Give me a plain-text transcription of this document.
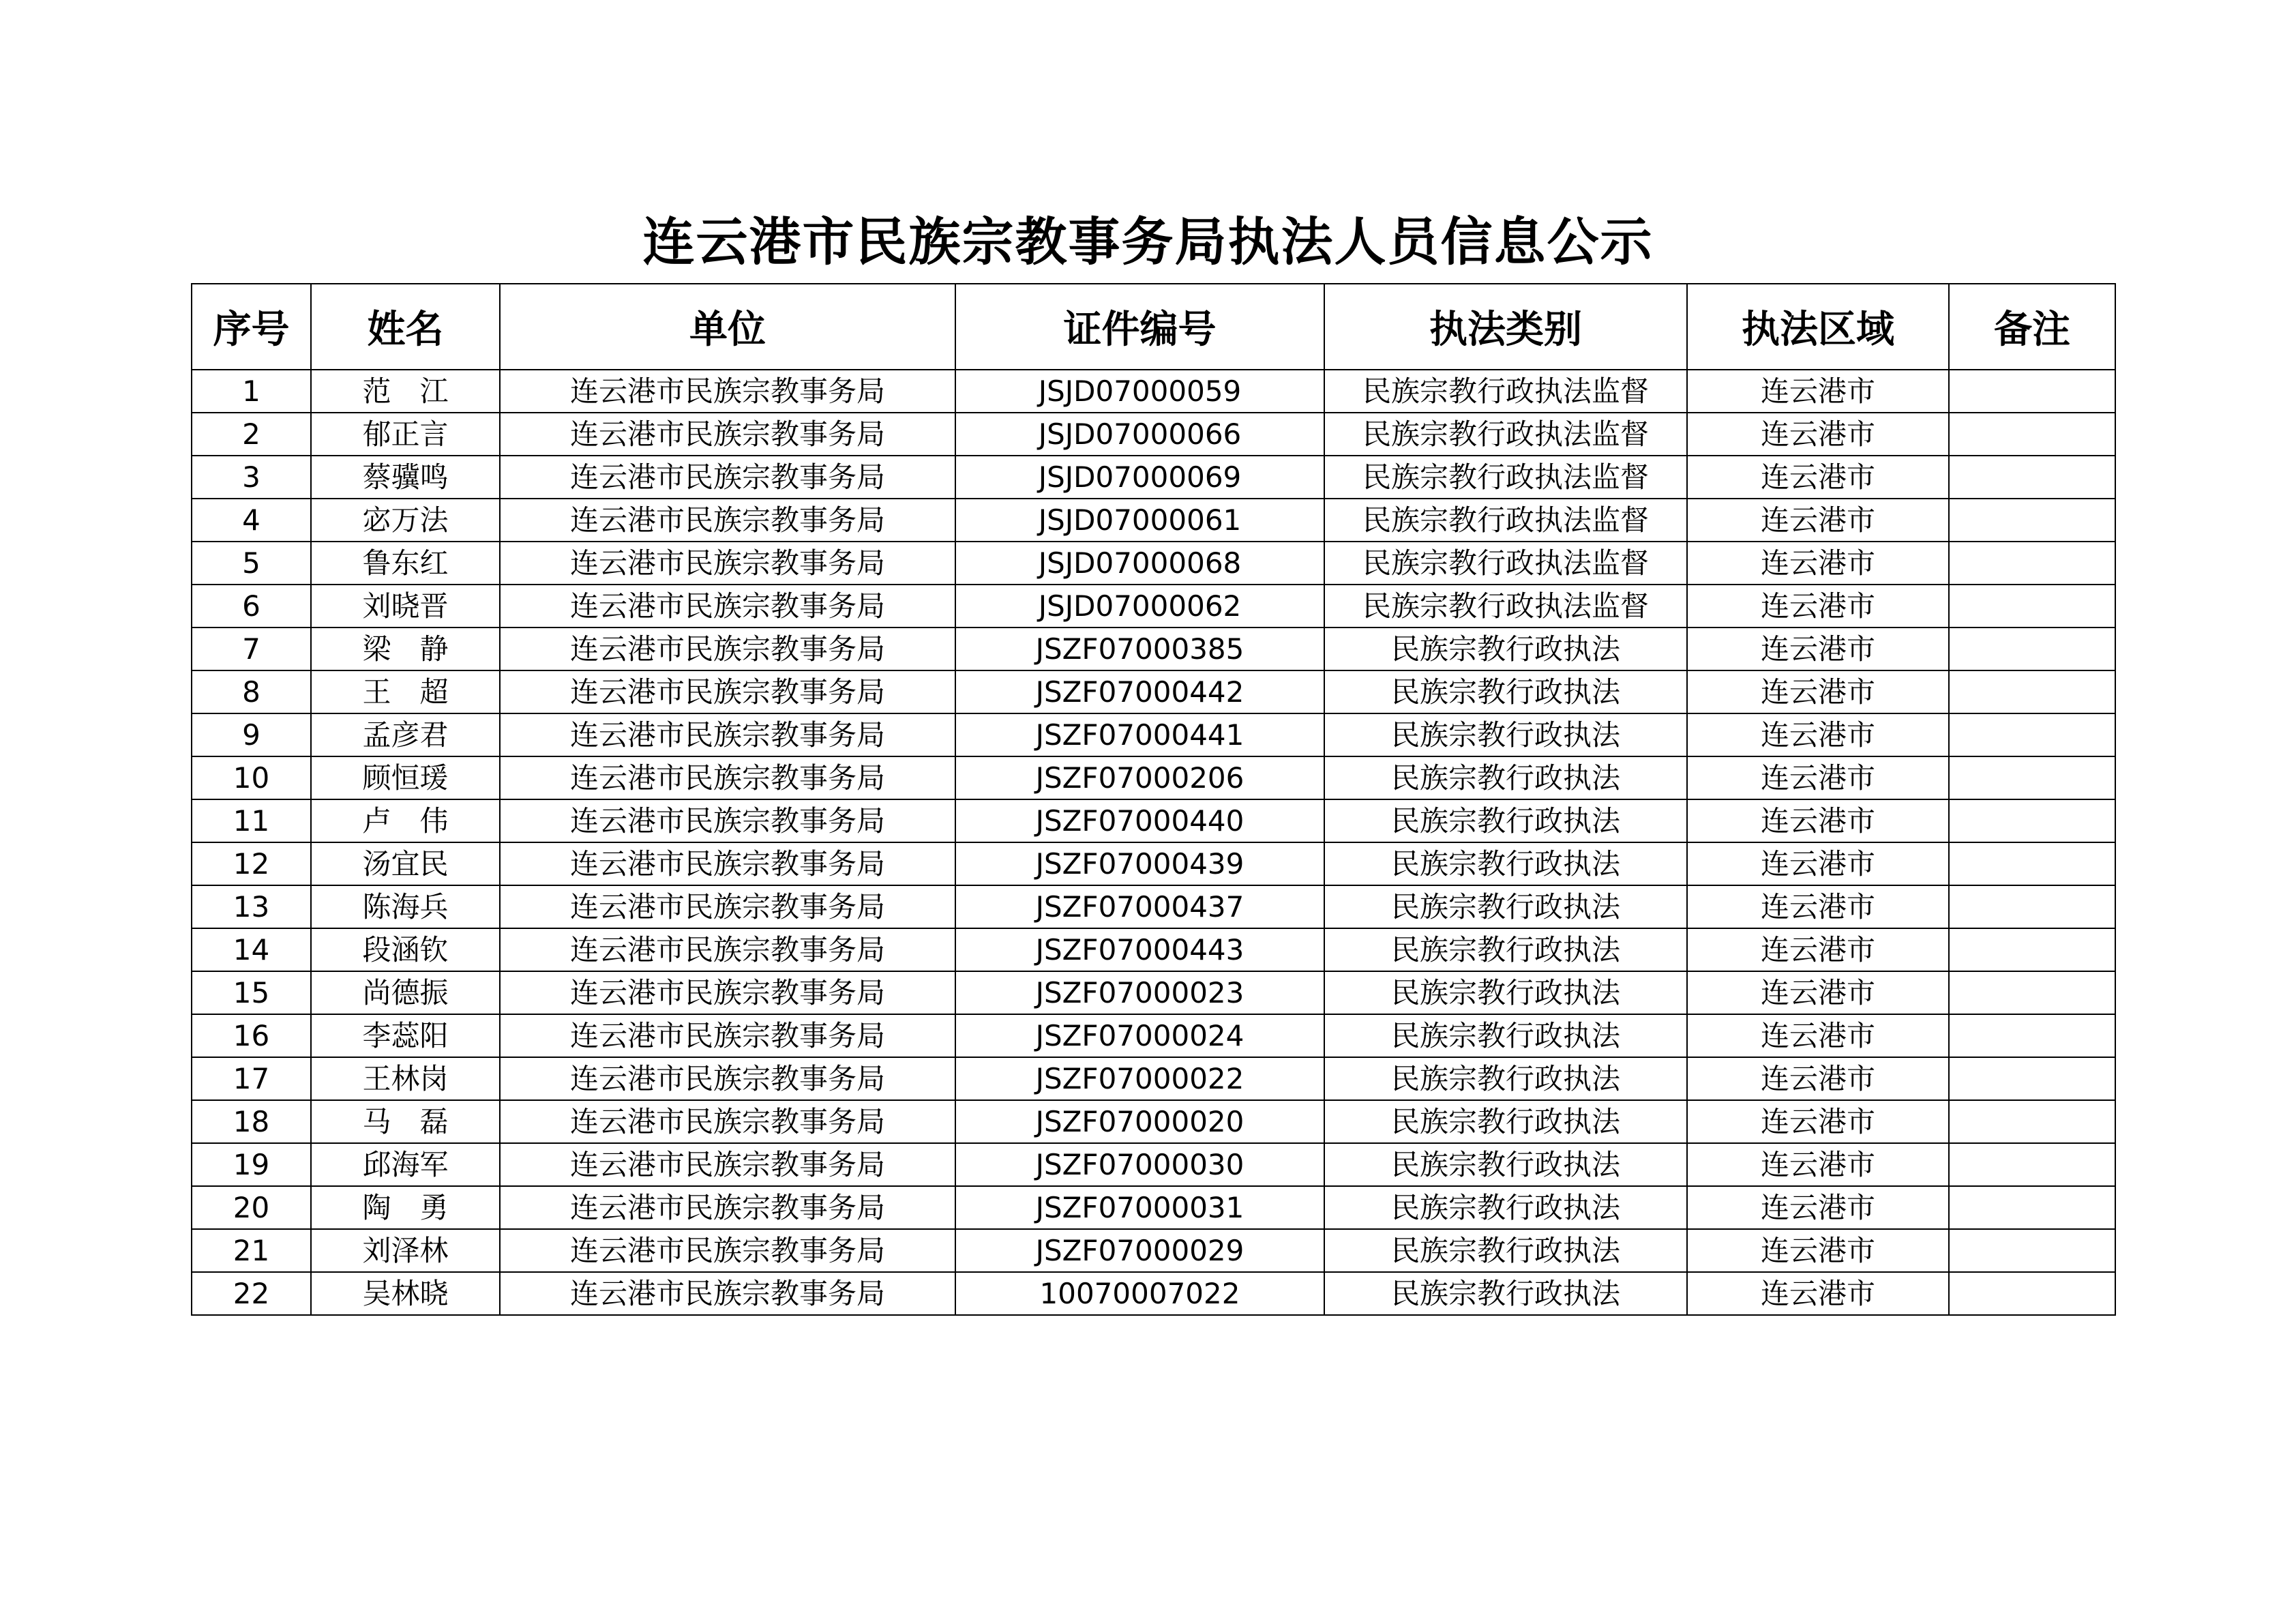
连云港市民族宗教事务局执法人员信息公示
序号	姓名	单位	证件编号	执法类别	执法区域	备注
1	范　江	连云港市民族宗教事务局	JSJD07000059	民族宗教行政执法监督	连云港市	
2	郁正言	连云港市民族宗教事务局	JSJD07000066	民族宗教行政执法监督	连云港市	
3	蔡骥鸣	连云港市民族宗教事务局	JSJD07000069	民族宗教行政执法监督	连云港市	
4	宓万法	连云港市民族宗教事务局	JSJD07000061	民族宗教行政执法监督	连云港市	
5	鲁东红	连云港市民族宗教事务局	JSJD07000068	民族宗教行政执法监督	连云港市	
6	刘晓晋	连云港市民族宗教事务局	JSJD07000062	民族宗教行政执法监督	连云港市	
7	梁　静	连云港市民族宗教事务局	JSZF07000385	民族宗教行政执法	连云港市	
8	王　超	连云港市民族宗教事务局	JSZF07000442	民族宗教行政执法	连云港市	
9	孟彦君	连云港市民族宗教事务局	JSZF07000441	民族宗教行政执法	连云港市	
10	顾恒瑗	连云港市民族宗教事务局	JSZF07000206	民族宗教行政执法	连云港市	
11	卢　伟	连云港市民族宗教事务局	JSZF07000440	民族宗教行政执法	连云港市	
12	汤宜民	连云港市民族宗教事务局	JSZF07000439	民族宗教行政执法	连云港市	
13	陈海兵	连云港市民族宗教事务局	JSZF07000437	民族宗教行政执法	连云港市	
14	段涵钦	连云港市民族宗教事务局	JSZF07000443	民族宗教行政执法	连云港市	
15	尚德振	连云港市民族宗教事务局	JSZF07000023	民族宗教行政执法	连云港市	
16	李蕊阳	连云港市民族宗教事务局	JSZF07000024	民族宗教行政执法	连云港市	
17	王林岗	连云港市民族宗教事务局	JSZF07000022	民族宗教行政执法	连云港市	
18	马　磊	连云港市民族宗教事务局	JSZF07000020	民族宗教行政执法	连云港市	
19	邱海军	连云港市民族宗教事务局	JSZF07000030	民族宗教行政执法	连云港市	
20	陶　勇	连云港市民族宗教事务局	JSZF07000031	民族宗教行政执法	连云港市	
21	刘泽林	连云港市民族宗教事务局	JSZF07000029	民族宗教行政执法	连云港市	
22	吴林晓	连云港市民族宗教事务局	10070007022	民族宗教行政执法	连云港市	
